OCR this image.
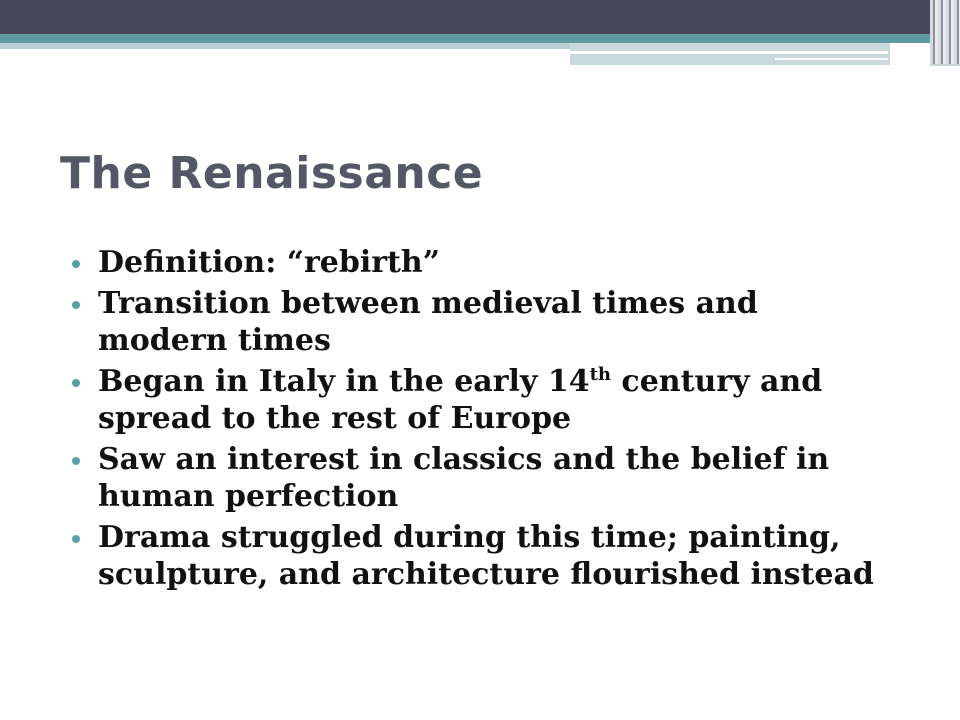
The Renaissance
Definition: “rebirth”
Transition between medieval times and modern times
Began in Italy in the early 14th century and spread to the rest of Europe
Saw an interest in classics and the belief in human perfection
Drama struggled during this time; painting, sculpture, and architecture flourished instead
